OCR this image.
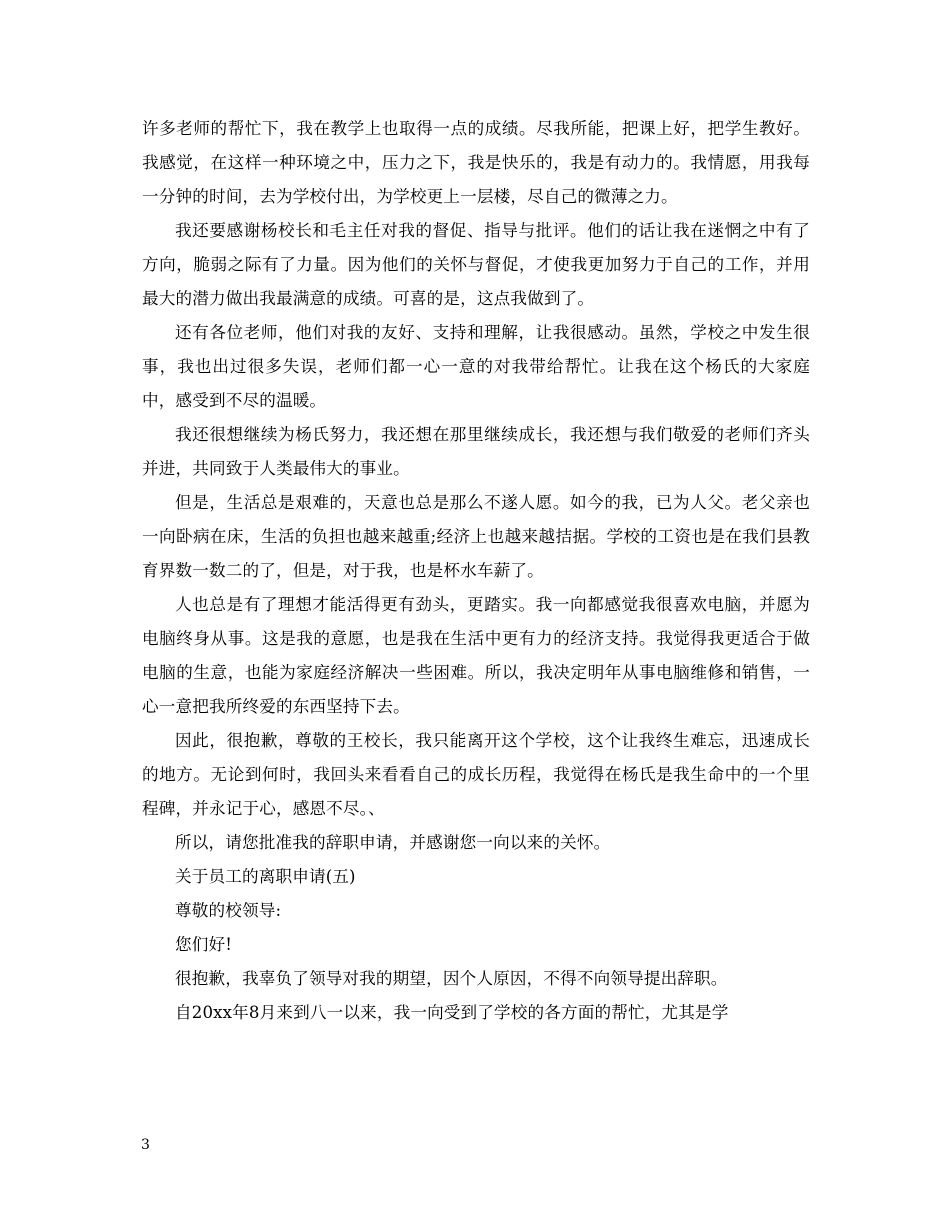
许多老师的帮忙下，我在教学上也取得一点的成绩。尽我所能，把课上好，把学生教好。我感觉，在这样一种环境之中，压力之下，我是快乐的，我是有动力的。我情愿，用我每一分钟的时间，去为学校付出，为学校更上一层楼，尽自己的微薄之力。

我还要感谢杨校长和毛主任对我的督促、指导与批评。他们的话让我在迷惘之中有了方向，脆弱之际有了力量。因为他们的关怀与督促，才使我更加努力于自己的工作，并用最大的潜力做出我最满意的成绩。可喜的是，这点我做到了。

还有各位老师，他们对我的友好、支持和理解，让我很感动。虽然，学校之中发生很事，我也出过很多失误，老师们都一心一意的对我带给帮忙。让我在这个杨氏的大家庭中，感受到不尽的温暖。

我还很想继续为杨氏努力，我还想在那里继续成长，我还想与我们敬爱的老师们齐头并进，共同致于人类最伟大的事业。

但是，生活总是艰难的，天意也总是那么不遂人愿。如今的我，已为人父。老父亲也一向卧病在床，生活的负担也越来越重;经济上也越来越拮据。学校的工资也是在我们县教育界数一数二的了，但是，对于我，也是杯水车薪了。

人也总是有了理想才能活得更有劲头，更踏实。我一向都感觉我很喜欢电脑，并愿为电脑终身从事。这是我的意愿，也是我在生活中更有力的经济支持。我觉得我更适合于做电脑的生意，也能为家庭经济解决一些困难。所以，我决定明年从事电脑维修和销售，一心一意把我所终爱的东西坚持下去。

因此，很抱歉，尊敬的王校长，我只能离开这个学校，这个让我终生难忘，迅速成长的地方。无论到何时，我回头来看看自己的成长历程，我觉得在杨氏是我生命中的一个里程碑，并永记于心，感恩不尽。、

所以，请您批准我的辞职申请，并感谢您一向以来的关怀。

关于员工的离职申请(五)

尊敬的校领导:

您们好!

很抱歉，我辜负了领导对我的期望，因个人原因，不得不向领导提出辞职。

自20xx年8月来到八一以来，我一向受到了学校的各方面的帮忙，尤其是学

3
